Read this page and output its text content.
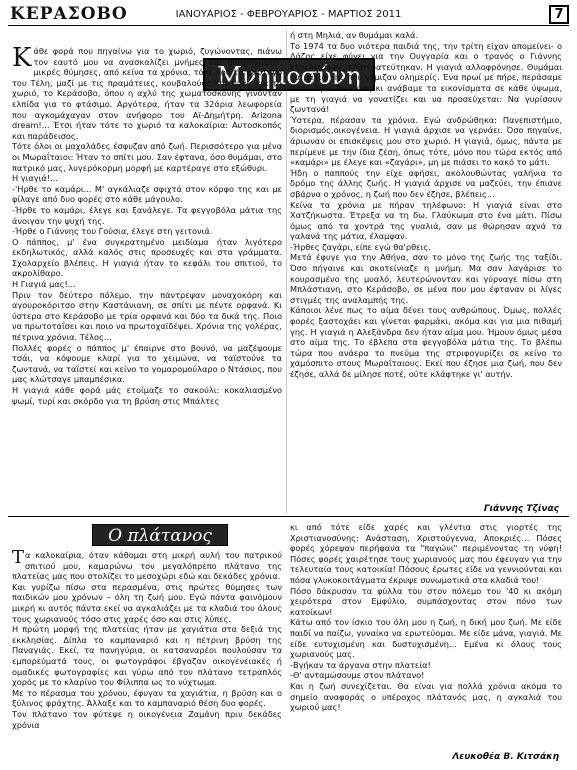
ΚΕΡΑΣΟΒΟ	ΙΑΝΟΥΑΡΙΟΣ - ΦΕΒΡΟΥΑΡΙΟΣ - ΜΑΡΤΙΟΣ 2011	7
Μνημοσύνη
Κ άθε φορά που πηγαίνω για το χωριό, ζυγώνοντας, πιάνω τον εαυτό μου να ανασκαλίζει μνήμες και σπαράγματα, μικρές θύμησες, από κείνα τα χρόνια, τότε που το φορτηγό του Τέλη, μαζί με τις πραμάτειες, κουβαλούσε και εμάς για το χωριό, το Κεράσοβο, όπου η αχλύ της χωματόσκονης γίνονταν ελπίδα για το φτάσιμο. Αργότερα, ήταν τα 32άρια λεωφορεία που αγκομάχαγαν στον ανήφορο του Αϊ-Δημήτρη. Arizona dream!... Έτσι ήταν τότε το χωριό τα καλοκαίρια: Αυτοσκοπός και παράδεισος.

Τότε όλοι οι μαχαλάδες έσφυζαν από ζωή. Περισσότερο για μένα οι Μωραΐταιοι: Ήταν το σπίτι μου. Σαν έφτανα, όσο θυμάμαι, στο πατρικό μας, λυγερόκορμη μορφή με καρτέραγε στο εξώθυρι.

Η γιαγιά!...

-'Ηρθε το καμάρι... Μ' αγκάλιαζε σφιχτά στον κόρφο της και με φίλαγε από δυο φορές στο κάθε μάγουλο.

-Ήρθε το καμάρι, έλεγε και ξανάλεγε. Τα φεγγοβόλα μάτια της άνοιγαν την ψυχή της.

-Ήρθε ο Γιάννης του Γούσια, έλεγε στη γειτονιά.

Ο πάππος, μ' ένα συγκρατημένο μειδίαμα ήταν λιγότερο εκδηλωτικός, αλλά καλός στις προσευχές και στα γράμματα. Σχολαρχείο βλέπεις. Η γιαγιά ήταν το κεφάλι του σπιτιού, το ακρολίθαρο.

Η Γιαγιά μας!...

Πριν τον δεύτερο πόλεμο, την πάντρεψαν μοναχοκόρη και αγουροκόριτσο στην Καστάνιανη, σε σπίτι με πέντε ορφανά. Κι ύστερα στο Κεράσοβο με τρία ορφανά και δύο τα δικά της. Ποιο να πρωτοταΐσει και ποιο να πρωτοχαϊδέψει. Χρόνια της γολέρας, πέτρινα χρόνια. Τέλος…

Πολλές φορές ο πάππος μ' έπαιρνε στο βουνό, να μαζέψουμε τσάι, να κόψουμε κλαρί για το χειμώνα, να ταϊστούνε τα ζωντανά, να ταΐστεί και κείνο το γομαρομούλαρο ο Ντάσιος, που μας κλώτσαγε μπαμπέσικα.

Η γιαγιά κάθε φορά μάς ετοίμαζε το σακούλι: κοκαλιασμένο ψωμί, τυρί και σκόρδο για τη βρύση στις Μπάλτες

ή στη Μηλιά, αν θυμάμαι καλά.

Το 1974 τα δυο νιότερα παιδιά της, την τρίτη είχαν απομείνει- ο Λάζος είχε φύγει για την Ουγγαρία και ο τρανός ο Γιάννης εκτελέστηκε, επιστρατεύτηκαν. Η γιαγιά αλλοφρόνησε. Θυμάμαι τα μάτια της που γέμιζαν ολημερίς. Ένα πρωί με πήρε, περάσαμε στον Άγιο Θεοδόση κι ανάβαμε τα εικονίσματα σε κάθε ύψωμα, με τη γιαγιά να γονατίζει και να προσεύχεται: Να γυρίσουν ζωντανά!

Ύστερα, πέρασαν τα χρόνια. Εγώ ανδρώθηκα: Πανεπιστήμιο, διορισμός,οικογένεια. Η γιαγιά άρχισε να γερνάει. Όσο πηγαίνε, άριωναν οι επισκέψεις μου στο χωριό. Η γιαγιά, όμως, πάντα με περίμενε με την ίδια ζέση, όπως τότε, μόνο που τώρα εκτός από «καμάρι» με έλεγε και «ζαγάρι», μη με πιάσει το κακό το μάτι.

Ήδη ο παππούς την είχε αφήσει, ακολουθώντας γαλήνια το δρόμο της άλλης ζωής. Η γιαγιά άρχισε να μαζεύει, την έπιανε σβάρνα ο χρόνος, η ζωή που δεν έζησε, βλέπεις...

Κείνα τα χρόνια με πήραν τηλέφωνο: Η γιαγιά είναι στο Χατζήκωστα. Έτρεξα να τη δω. Γλαύκωμα στο ένα μάτι. Πίσω όμως από τα χοντρά της γυαλιά, σαν με θώρησαν αχνά τα γαλανά της μάτια, έλαμψαν.

-Ήρθες ζαγάρι, είπε εγώ θα'ρθεις.

Μετά έφυγε για την Αθήνα, σαν το μόνο της ζωής της ταξίδι. Όσο πήγαινε και σκοτείνιαζε η μνήμη. Μα σαν λαγάρισε το κουρασμένο της μυαλό, λευτερώνονταν και γύρναγε πίσω στη Μπλάστιανη, στο Κεράσοβο, σε μένα που μου έφταναν οι λίγες στιγμές της αναλαμπής της.

Κάποιοι λένε πως το αίμα δένει τους ανθρώπους. Όμως, πολλές φορές ξαστοχάει και γίνεται φαρμάκι, ακόμα και για μια πιθαμή γης. Η γιαγιά η Αλεξάνδρα δεν ήταν αίμα μου. Ήμουν όμως μέσα στο αίμα της. Το έβλεπα στα φεγγοβόλα μάτια της. Το βλέπω τώρα που ανάερα το πνεύμα της στριφογυρίζει σε κείνο το χαμόσπιτο στους Μωραΐταιους. Εκεί που έζησε μια ζωή, που δεν έζησε, αλλά δε μίλησε ποτέ, ούτε κλάφτηκε γι' αυτήν.

Γιάννης Τζίνας
Ο πλάτανος
Τ α καλοκαίρια, όταν κάθομαι στη μικρή αυλή του πατρικού σπιτιού μου, καμαρώνω τον μεγαλόπρεπο πλάτανο της πλατείας μας που στολίζει το μεσοχώρι εδώ και δεκάδες χρόνια.

Και γυρίζω πίσω στα περασμένα, στις πρώτες θύμησες των παιδικών μου χρόνων – όλη τη ζωή μου. Εγώ πάντα φαινόμουν μικρή κι αυτός πάντα εκεί να αγκαλιάζει με τα κλαδιά του όλους τους χωριανούς τόσο στις χαρές όσο και στις λύπες.

Η πρώτη μορφή της πλατείας ήταν με χαγιάτια στα δεξιά της εκκλησίας. Δίπλα το καμπαναριό και η πέτρινη βρύση της Παναγιάς. Εκεί, τα πανηγύρια, οι κατσαναρέοι πουλούσαν τα εμπορεύματά τους, οι φωτογράφοι έβγαζαν οικογενειακές ή ομαδικές φωτογραφίες και γύρω από τον πλάτανο τετραπλός χορός με το κλαρίνο του Φίλιππα ως το νύχτωμα.

Με το πέρασμα του χρόνου, έφυγαν τα χαγιάτια, η βρύση και ο ξύλινος φράχτης. Άλλαξε και το καμπαναριό θέση δυο φορές.

Τον πλάτανο τον φύτεψε η οικογένεια Ζαμάνη πριν δεκάδες χρόνια

κι από τότε είδε χαρές και γλέντια στις γιορτές της Χριστιανοσύνης: Ανάσταση, Χριστούγεννα, Αποκριές… Πόσες φορές χόρεψαν περήφανα τα "παγώνι" περιμένοντας τη νύφη! Πόσες φορές χαιρέτησε τους χωριανούς μας που έφευγαν για την τελευταία τους κατοικία! Πόσους έρωτες είδε να γεννιούνται και πόσα γλυκοκοιτάγματα έκρυψε συνωμοτικά στα κλαδιά του!

Πόσο δάκρυσαν τα φύλλα του στον πόλεμο του '40 κι ακόμη χειρότερα στον Εμφύλιο, συμπάσχοντας στον πόνο των κατοίκων!

Κάτω από τον ίσκιο του όλη μου η ζωή, η δική μου ζωή. Με είδε παιδί να παίζω, γυναίκα να ερωτεύομαι. Με είδε μάνα, γιαγιά. Με είδε ευτυχισμένη και δυστυχισμένη... Εμένα κι όλους τους χωριανούς μας.

-Βγήκαν τα άργανα στην πλατεία!

-Θ' ανταμώσουμε στον πλάτανο!

Και η ζωή συνεχίζεται. Θα είναι για πολλά χρόνια ακόμα το σημείο αναφοράς ο υπέροχος πλάτανός μας, η αγκαλιά του χωριού μας!

Λευκοθέα Β. Κιτσάκη
